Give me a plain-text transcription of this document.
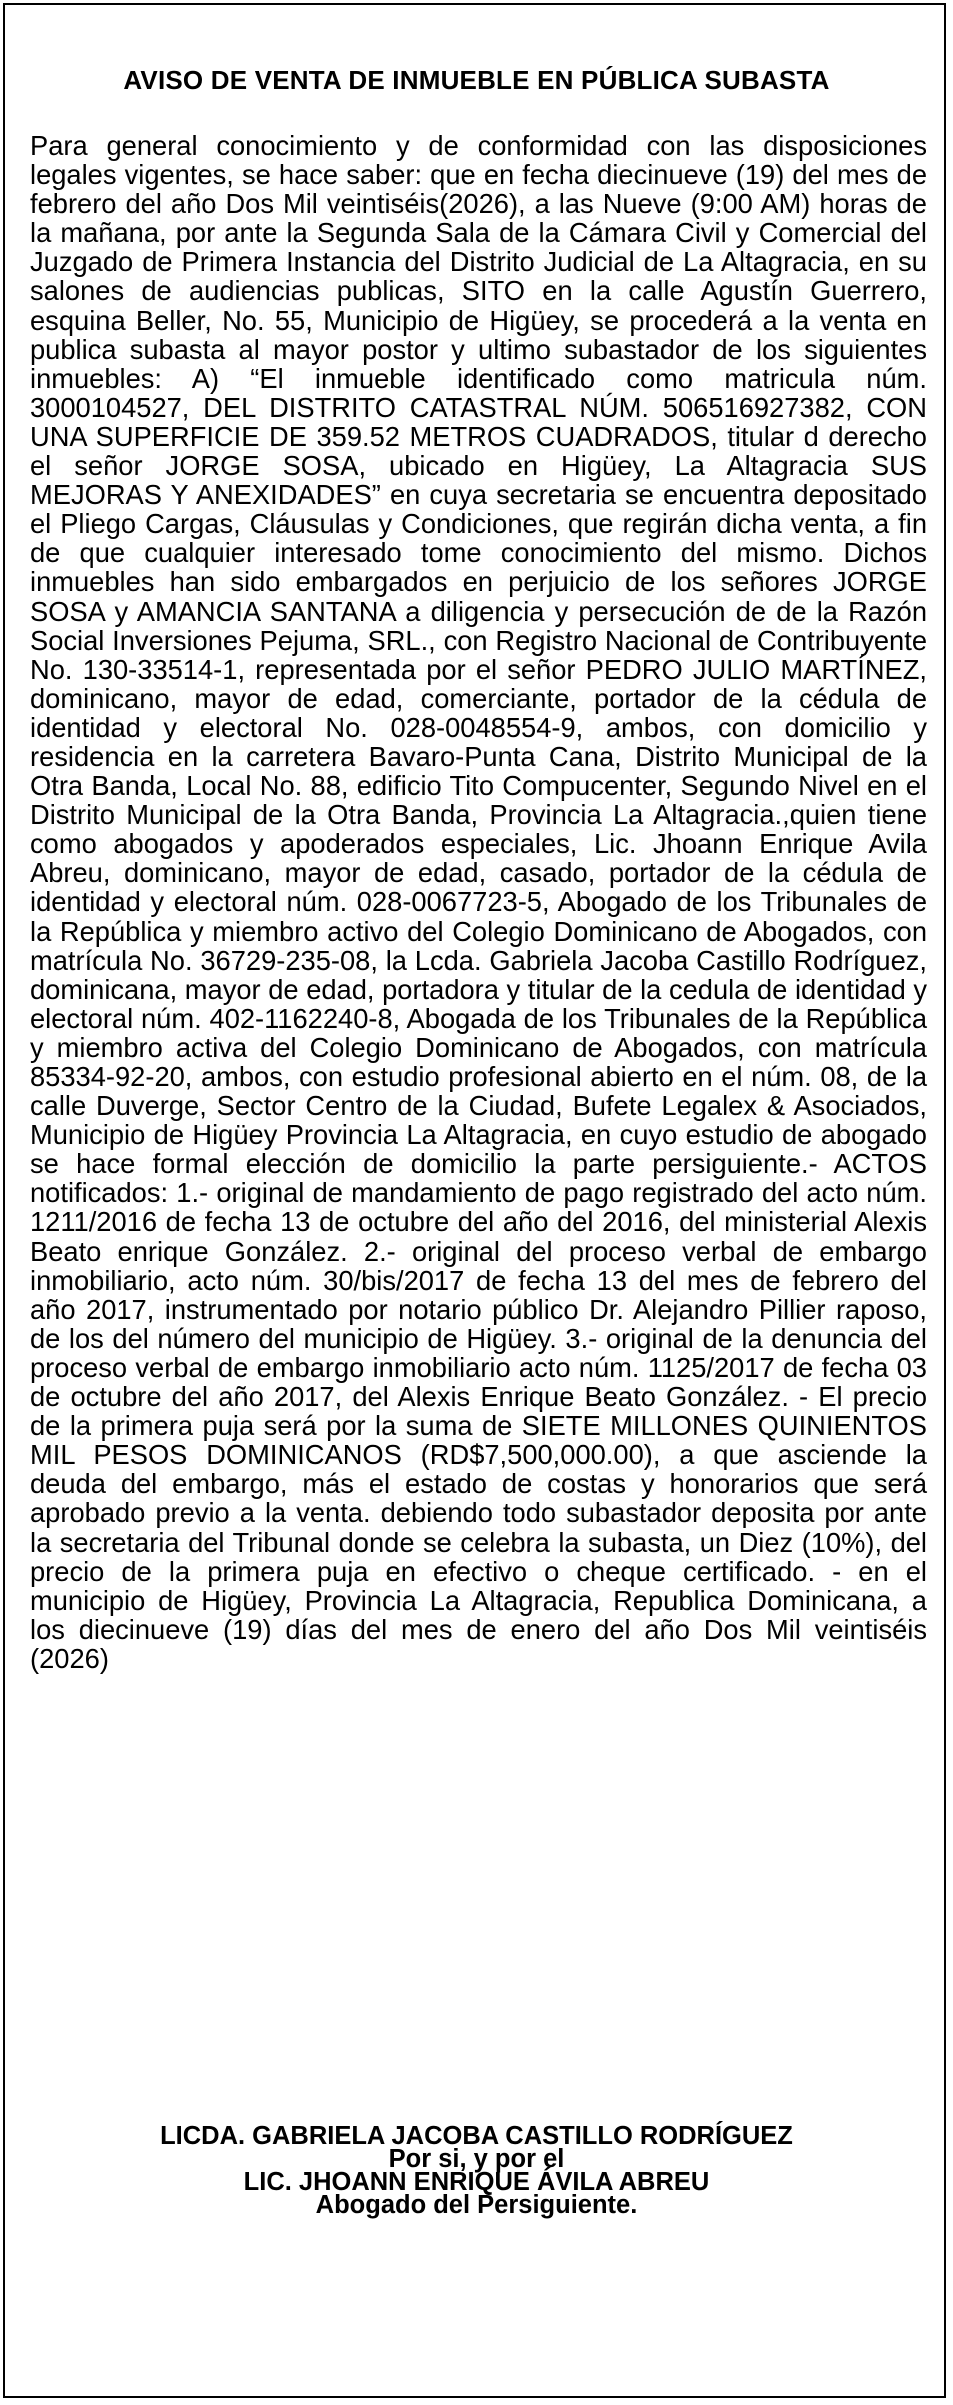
AVISO DE VENTA DE INMUEBLE EN PÚBLICA SUBASTA

Para general conocimiento y de conformidad con las disposiciones legales vigentes, se hace saber: que en fecha diecinueve (19) del mes de febrero del año Dos Mil veintiséis(2026), a las Nueve (9:00 AM) horas de la mañana, por ante la Segunda Sala de la Cámara Civil y Comercial del Juzgado de Primera Instancia del Distrito Judicial de La Altagracia, en su salones de audiencias publicas, SITO en la calle Agustín Guerrero, esquina Beller, No. 55, Municipio de Higüey, se procederá a la venta en publica subasta al mayor postor y ultimo subastador de los siguientes inmuebles: A) “El inmueble identificado como matricula núm. 3000104527, DEL DISTRITO CATASTRAL NÚM. 506516927382, CON UNA SUPERFICIE DE 359.52 METROS CUADRADOS, titular d derecho el señor JORGE SOSA, ubicado en Higüey, La Altagracia SUS MEJORAS Y ANEXIDADES” en cuya secretaria se encuentra depositado el Pliego Cargas, Cláusulas y Condiciones, que regirán dicha venta, a fin de que cualquier interesado tome conocimiento del mismo. Dichos inmuebles han sido embargados en perjuicio de los señores JORGE SOSA y AMANCIA SANTANA a diligencia y persecución de de la Razón Social Inversiones Pejuma, SRL., con Registro Nacional de Contribuyente No. 130-33514-1, representada por el señor PEDRO JULIO MARTÍNEZ, dominicano, mayor de edad, comerciante, portador de la cédula de identidad y electoral No. 028-0048554-9, ambos, con domicilio y residencia en la carretera Bavaro-Punta Cana, Distrito Municipal de la Otra Banda, Local No. 88, edificio Tito Compucenter, Segundo Nivel en el Distrito Municipal de la Otra Banda, Provincia La Altagracia.,quien tiene como abogados y apoderados especiales, Lic. Jhoann Enrique Avila Abreu, dominicano, mayor de edad, casado, portador de la cédula de identidad y electoral núm. 028-0067723-5, Abogado de los Tribunales de la República y miembro activo del Colegio Dominicano de Abogados, con matrícula No. 36729-235-08, la Lcda. Gabriela Jacoba Castillo Rodríguez, dominicana, mayor de edad, portadora y titular de la cedula de identidad y electoral núm. 402-1162240-8, Abogada de los Tribunales de la República y miembro activa del Colegio Dominicano de Abogados, con matrícula 85334-92-20, ambos, con estudio profesional abierto en el núm. 08, de la calle Duverge, Sector Centro de la Ciudad, Bufete Legalex & Asociados, Municipio de Higüey Provincia La Altagracia, en cuyo estudio de abogado se hace formal elección de domicilio la parte persiguiente.- ACTOS notificados: 1.- original de mandamiento de pago registrado del acto núm. 1211/2016 de fecha 13 de octubre del año del 2016, del ministerial Alexis Beato enrique González. 2.- original del proceso verbal de embargo inmobiliario, acto núm. 30/bis/2017 de fecha 13 del mes de febrero del año 2017, instrumentado por notario público Dr. Alejandro Pillier raposo, de los del número del municipio de Higüey. 3.- original de la denuncia del proceso verbal de embargo inmobiliario acto núm. 1125/2017 de fecha 03 de octubre del año 2017, del Alexis Enrique Beato González. - El precio de la primera puja será por la suma de SIETE MILLONES QUINIENTOS MIL PESOS DOMINICANOS (RD$7,500,000.00), a que asciende la deuda del embargo, más el estado de costas y honorarios que será aprobado previo a la venta. debiendo todo subastador deposita por ante la secretaria del Tribunal donde se celebra la subasta, un Diez (10%), del precio de la primera puja en efectivo o cheque certificado. - en el municipio de Higüey, Provincia La Altagracia, Republica Dominicana, a los diecinueve (19) días del mes de enero del año Dos Mil veintiséis (2026)

LICDA. GABRIELA JACOBA CASTILLO RODRÍGUEZ
Por si, y por el
LIC. JHOANN ENRIQUE ÁVILA ABREU
Abogado del Persiguiente.
